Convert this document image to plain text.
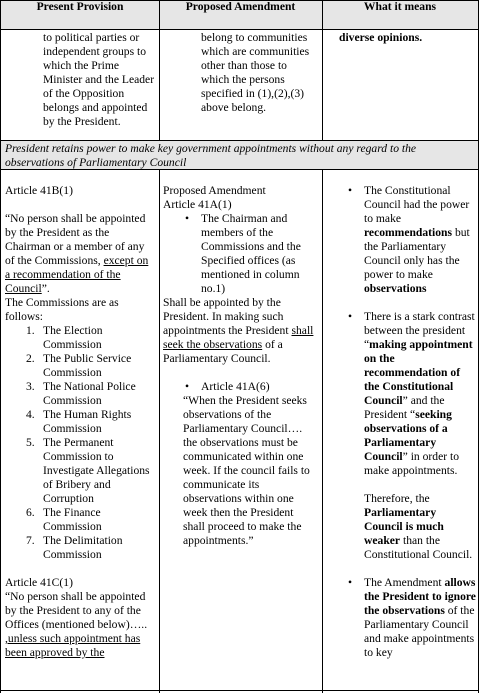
Present Provision	Proposed Amendment	What it means

to political parties or independent groups to which the Prime Minister and the Leader of the Opposition belongs and appointed by the President.

belong to communities which are communities other than those to which the persons specified in (1),(2),(3) above belong.

diverse opinions.

President retains power to make key government appointments without any regard to the observations of Parliamentary Council

Article 41B(1)

“No person shall be appointed by the President as the Chairman or a member of any of the Commissions, except on a recommendation of the Council”.

The Commissions are as follows:

1. The Election Commission
2. The Public Service Commission
3. The National Police Commission
4. The Human Rights Commission
5. The Permanent Commission to Investigate Allegations of Bribery and Corruption
6. The Finance Commission
7. The Delimitation Commission

Article 41C(1)

“No person shall be appointed by the President to any of the Offices (mentioned below)….. ,unless such appointment has been approved by the

Proposed Amendment

Article 41A(1)

• The Chairman and members of the Commissions and the Specified offices (as mentioned in column no.1)

Shall be appointed by the President. In making such appointments the President shall seek the observations of a Parliamentary Council.

• Article 41A(6)

“When the President seeks observations of the Parliamentary Council…. the observations must be communicated within one week. If the council fails to communicate its observations within one week then the President shall proceed to make the appointments.”

• The Constitutional Council had the power to make recommendations but the Parliamentary Council only has the power to make observations
• There is a stark contrast between the president “making appointment on the recommendation of the Constitutional Council” and the President “seeking observations of a Parliamentary Council” in order to make appointments.

Therefore, the Parliamentary Council is much weaker than the Constitutional Council.

• The Amendment allows the President to ignore the observations of the Parliamentary Council and make appointments to key
